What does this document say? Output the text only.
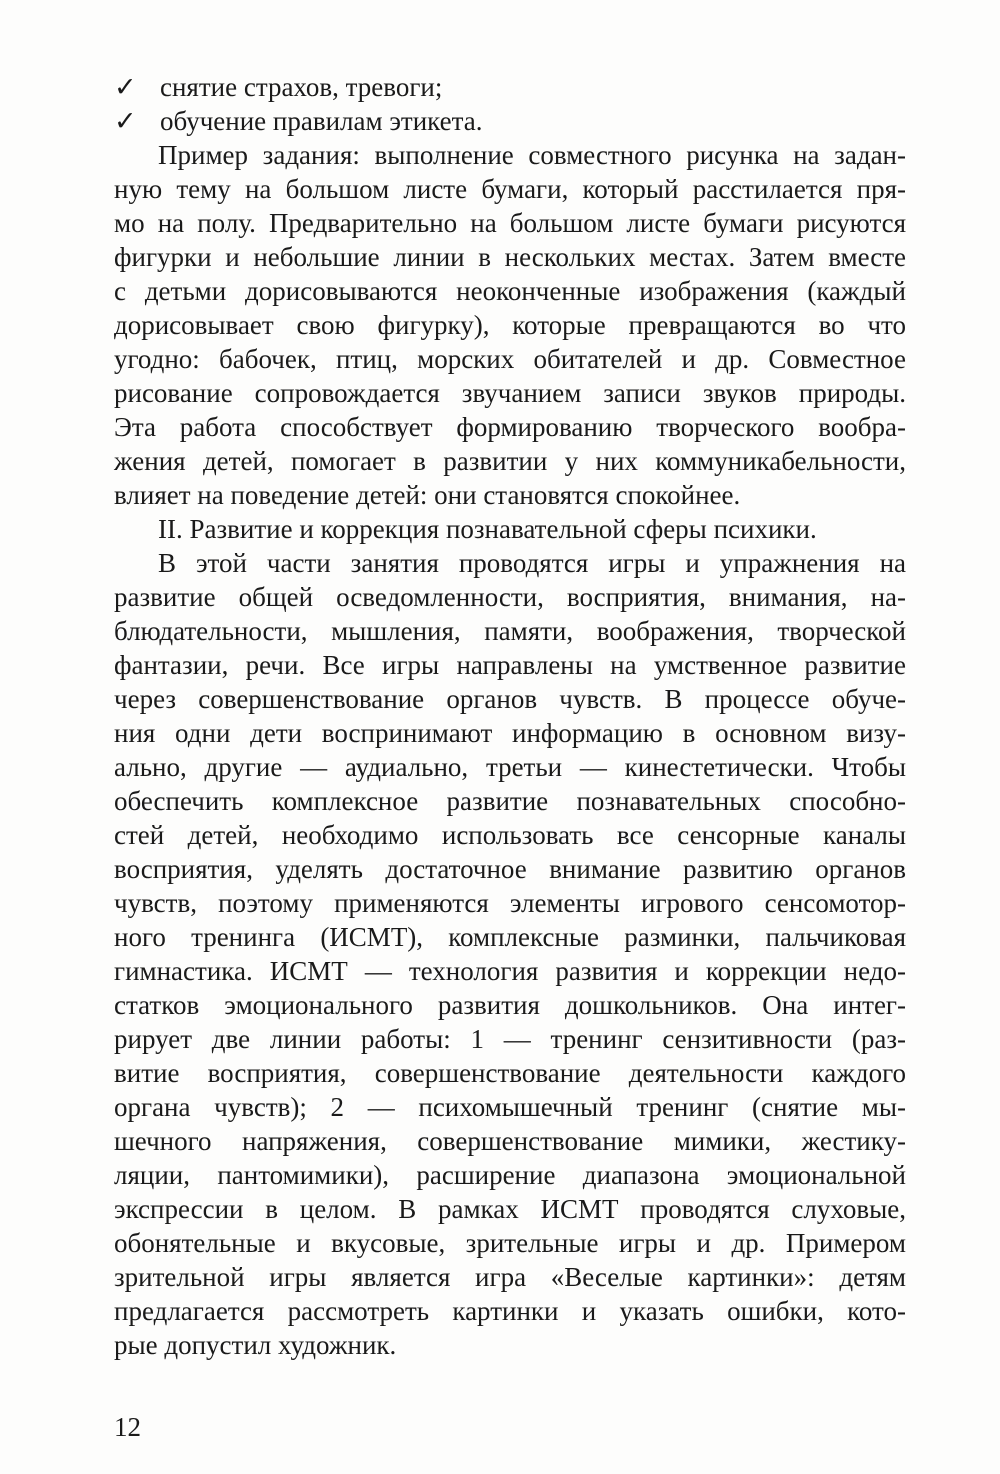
✓ снятие страхов, тревоги;
✓ обучение правилам этикета.
Пример задания: выполнение совместного рисунка на задан-
ную тему на большом листе бумаги, который расстилается пря-
мо на полу. Предварительно на большом листе бумаги рисуются
фигурки и небольшие линии в нескольких местах. Затем вместе
с детьми дорисовываются неоконченные изображения (каждый
дорисовывает свою фигурку), которые превращаются во что
угодно: бабочек, птиц, морских обитателей и др. Совместное
рисование сопровождается звучанием записи звуков природы.
Эта работа способствует формированию творческого вообра-
жения детей, помогает в развитии у них коммуникабельности,
влияет на поведение детей: они становятся спокойнее.
II. Развитие и коррекция познавательной сферы психики.
В этой части занятия проводятся игры и упражнения на
развитие общей осведомленности, восприятия, внимания, на-
блюдательности, мышления, памяти, воображения, творческой
фантазии, речи. Все игры направлены на умственное развитие
через совершенствование органов чувств. В процессе обуче-
ния одни дети воспринимают информацию в основном визу-
ально, другие — аудиально, третьи — кинестетически. Чтобы
обеспечить комплексное развитие познавательных способно-
стей детей, необходимо использовать все сенсорные каналы
восприятия, уделять достаточное внимание развитию органов
чувств, поэтому применяются элементы игрового сенсомотор-
ного тренинга (ИСМТ), комплексные разминки, пальчиковая
гимнастика. ИСМТ — технология развития и коррекции недо-
статков эмоционального развития дошкольников. Она интег-
рирует две линии работы: 1 — тренинг сензитивности (раз-
витие восприятия, совершенствование деятельности каждого
органа чувств); 2 — психомышечный тренинг (снятие мы-
шечного напряжения, совершенствование мимики, жестику-
ляции, пантомимики), расширение диапазона эмоциональной
экспрессии в целом. В рамках ИСМТ проводятся слуховые,
обонятельные и вкусовые, зрительные игры и др. Примером
зрительной игры является игра «Веселые картинки»: детям
предлагается рассмотреть картинки и указать ошибки, кото-
рые допустил художник.
12
